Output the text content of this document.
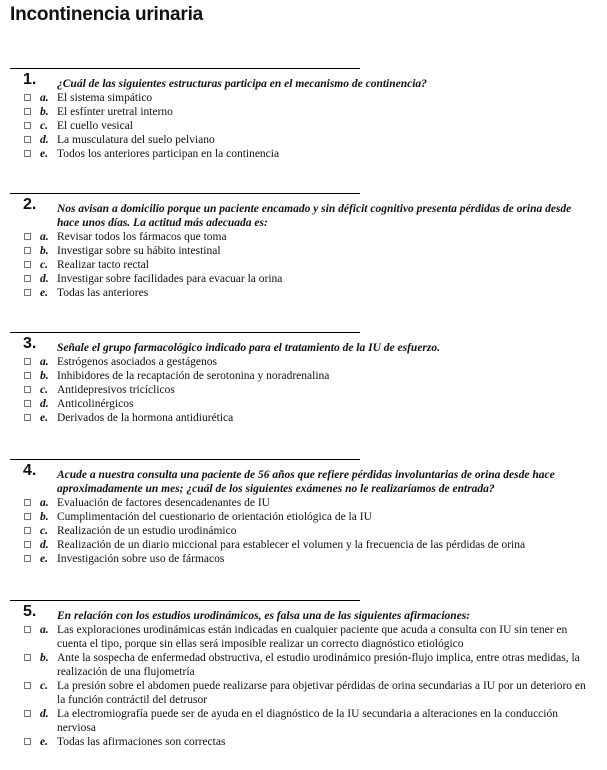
Incontinencia urinaria
1.	¿Cuál de las siguientes estructuras participa en el mecanismo de continencia?

a. El sistema simpático
b. El esfínter uretral interno
c. El cuello vesical
d. La musculatura del suelo pelviano
e. Todos los anteriores participan en la continencia
2.	Nos avisan a domicilio porque un paciente encamado y sin déficit cognitivo presenta pérdidas de orina desde hace unos días. La actitud más adecuada es:

a. Revisar todos los fármacos que toma
b. Investigar sobre su hábito intestinal
c. Realizar tacto rectal
d. Investigar sobre facilidades para evacuar la orina
e. Todas las anteriores
3.	Señale el grupo farmacológico indicado para el tratamiento de la IU de esfuerzo.

a. Estrógenos asociados a gestágenos
b. Inhibidores de la recaptación de serotonina y noradrenalina
c. Antidepresivos tricíclicos
d. Anticolinérgicos
e. Derivados de la hormona antidiurética
4.	Acude a nuestra consulta una paciente de 56 años que refiere pérdidas involuntarias de orina desde hace aproximadamente un mes; ¿cuál de los siguientes exámenes no le realizaríamos de entrada?

a. Evaluación de factores desencadenantes de IU
b. Cumplimentación del cuestionario de orientación etiológica de la IU
c. Realización de un estudio urodinámico
d. Realización de un diario miccional para establecer el volumen y la frecuencia de las pérdidas de orina
e. Investigación sobre uso de fármacos
5.	En relación con los estudios urodinámicos, es falsa una de las siguientes afirmaciones:

a. Las exploraciones urodinámicas están indicadas en cualquier paciente que acuda a consulta con IU sin tener en cuenta el tipo, porque sin ellas será imposible realizar un correcto diagnóstico etiológico
b. Ante la sospecha de enfermedad obstructiva, el estudio urodinámico presión-flujo implica, entre otras medidas, la realización de una flujometría
c. La presión sobre el abdomen puede realizarse para objetivar pérdidas de orina secundarias a IU por un deterioro en la función contráctil del detrusor
d. La electromiografía puede ser de ayuda en el diagnóstico de la IU secundaria a alteraciones en la conducción nerviosa
e. Todas las afirmaciones son correctas
